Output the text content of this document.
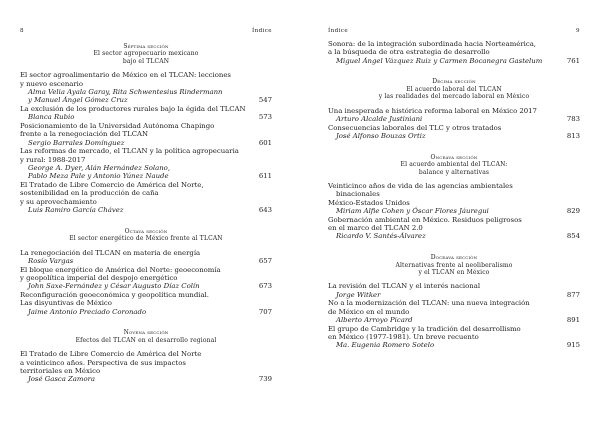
8	Índice
Séptima sección
El sector agropecuario mexicano
bajo el TLCAN
El sector agroalimentario de México en el TLCAN: lecciones
y nuevo escenario
Alma Velia Ayala Garay, Rita Schwentesius Rindermann
y Manuel Ángel Gómez Cruz	547
La exclusión de los productores rurales bajo la égida del TLCAN
Blanca Rubio	573
Posicionamiento de la Universidad Autónoma Chapingo
frente a la renegociación del TLCAN
Sergio Barrales Domínguez	601
Las reformas de mercado, el TLCAN y la política agropecuaria
y rural: 1988-2017
George A. Dyer, Alán Hernández Solano,
Pablo Meza Pale y Antonio Yúnez Naude	611
El Tratado de Libre Comercio de América del Norte,
sostenibilidad en la producción de caña
y su aprovechamiento
Luis Ramiro García Chávez	643
Octava sección
El sector energético de México frente al TLCAN
La renegociación del TLCAN en materia de energía
Rosío Vargas	657
El bloque energético de América del Norte: geoeconomía
y geopolítica imperial del despojo energético
John Saxe-Fernández y César Augusto Díaz Colín	673
Reconfiguración geoeconómica y geopolítica mundial.
Las disyuntivas de México
Jaime Antonio Preciado Coronado	707
Novena sección
Efectos del TLCAN en el desarrollo regional
El Tratado de Libre Comercio de América del Norte
a veinticinco años. Perspectiva de sus impactos
territoriales en México
José Gasca Zamora	739
Índice	9
Sonora: de la integración subordinada hacia Norteamérica,
a la búsqueda de otra estrategia de desarrollo
Miguel Ángel Vázquez Ruiz y Carmen Bocanegra Gastelum	761
Décima sección
El acuerdo laboral del TLCAN
y las realidades del mercado laboral en México
Una inesperada e histórica reforma laboral en México 2017
Arturo Alcalde Justiniani	783
Consecuencias laborales del TLC y otros tratados
José Alfonso Bouzas Ortiz	813
Onceava sección
El acuerdo ambiental del TLCAN:
balance y alternativas
Veinticinco años de vida de las agencias ambientales binacionales
México-Estados Unidos
Miriam Alfie Cohen y Óscar Flores Jáuregui	829
Gobernación ambiental en México. Residuos peligrosos
en el marco del TLCAN 2.0
Ricardo V. Santés-Álvarez	854
Doceava sección
Alternativas frente al neoliberalismo
y el TLCAN en México
La revisión del TLCAN y el interés nacional
Jorge Witker	877
No a la modernización del TLCAN: una nueva integración
de México en el mundo
Alberto Arroyo Picard	891
El grupo de Cambridge y la tradición del desarrollismo
en México (1977-1981). Un breve recuento
Ma. Eugenia Romero Sotelo	915
